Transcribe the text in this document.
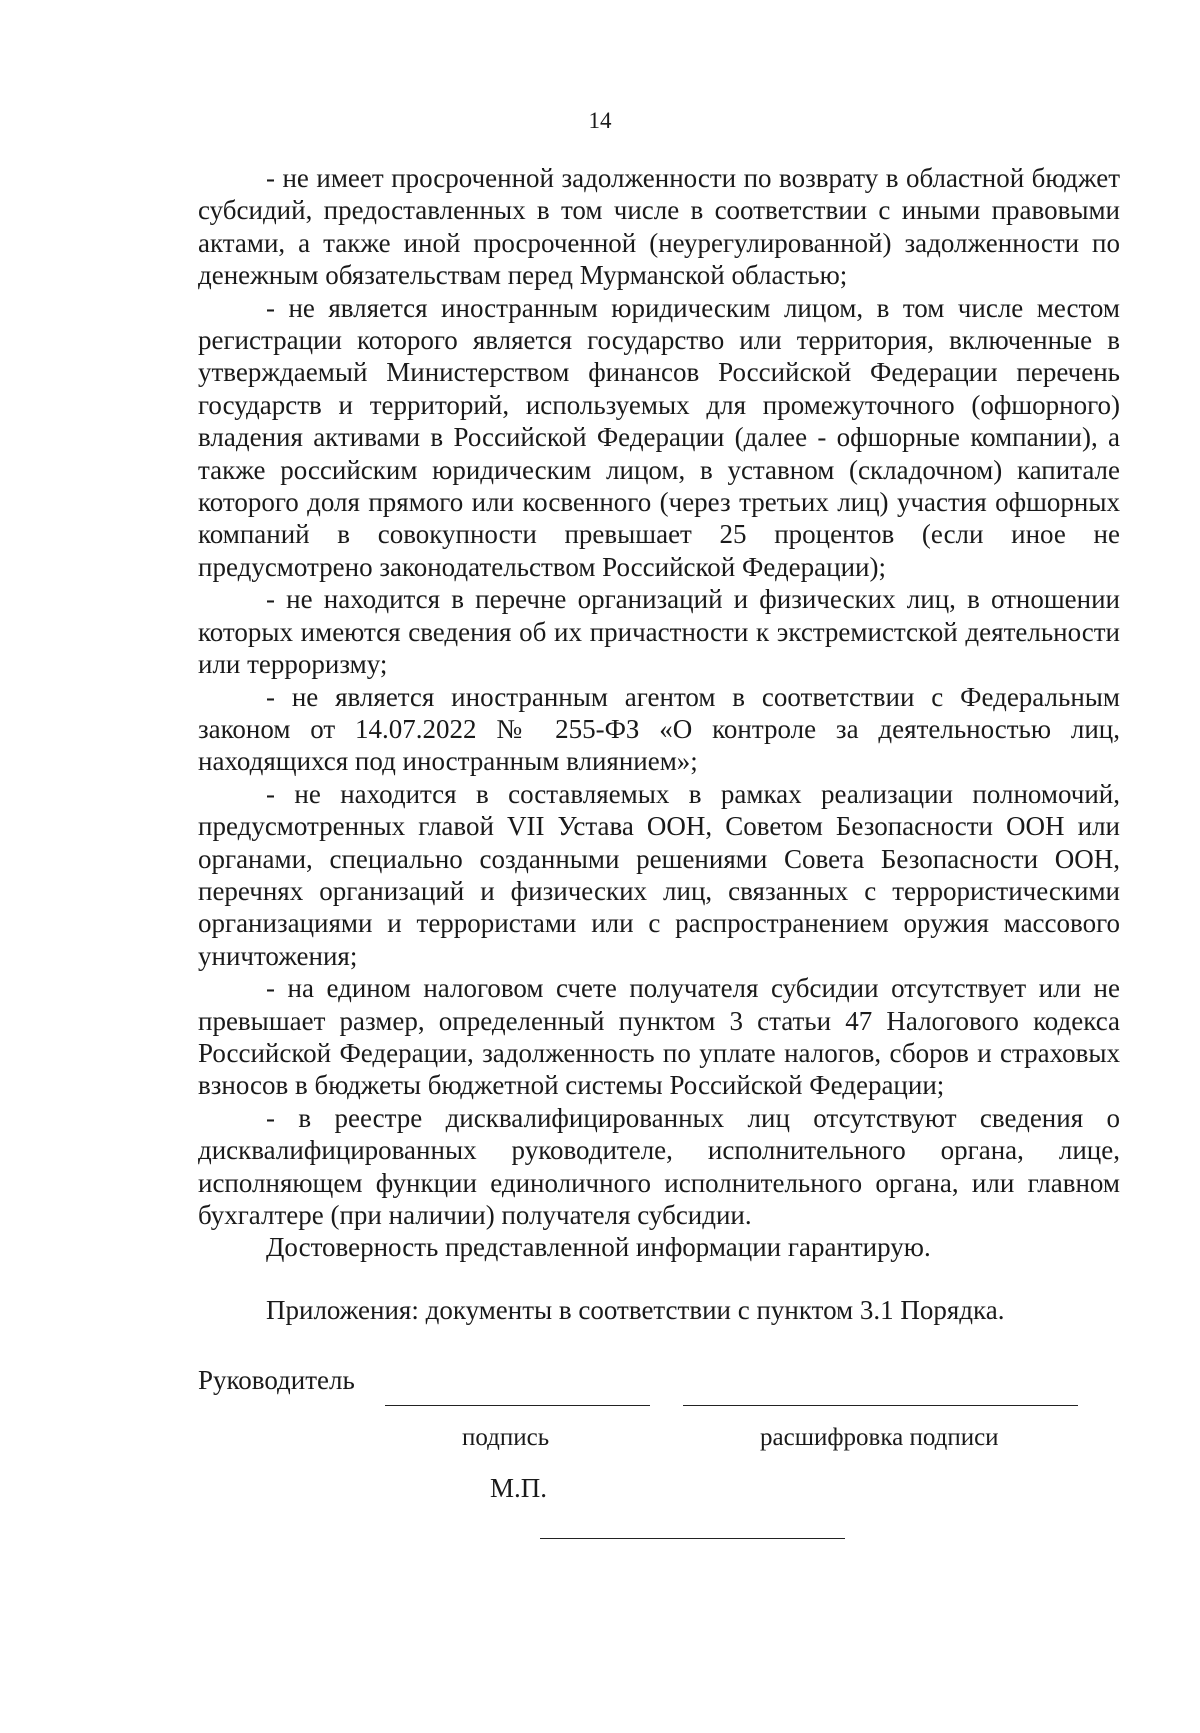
14

- не имеет просроченной задолженности по возврату в областной бюджет субсидий, предоставленных в том числе в соответствии с иными правовыми актами, а также иной просроченной (неурегулированной) задолженности по денежным обязательствам перед Мурманской областью;

- не является иностранным юридическим лицом, в том числе местом регистрации которого является государство или территория, включенные в утверждаемый Министерством финансов Российской Федерации перечень государств и территорий, используемых для промежуточного (офшорного) владения активами в Российской Федерации (далее - офшорные компании), а также российским юридическим лицом, в уставном (складочном) капитале которого доля прямого или косвенного (через третьих лиц) участия офшорных компаний в совокупности превышает 25 процентов (если иное не предусмотрено законодательством Российской Федерации);

- не находится в перечне организаций и физических лиц, в отношении которых имеются сведения об их причастности к экстремистской деятельности или терроризму;

- не является иностранным агентом в соответствии с Федеральным законом от 14.07.2022 № 255-ФЗ «О контроле за деятельностью лиц, находящихся под иностранным влиянием»;

- не находится в составляемых в рамках реализации полномочий, предусмотренных главой VII Устава ООН, Советом Безопасности ООН или органами, специально созданными решениями Совета Безопасности ООН, перечнях организаций и физических лиц, связанных с террористическими организациями и террористами или с распространением оружия массового уничтожения;

- на едином налоговом счете получателя субсидии отсутствует или не превышает размер, определенный пунктом 3 статьи 47 Налогового кодекса Российской Федерации, задолженность по уплате налогов, сборов и страховых взносов в бюджеты бюджетной системы Российской Федерации;

- в реестре дисквалифицированных лиц отсутствуют сведения о дисквалифицированных руководителе, исполнительного органа, лице, исполняющем функции единоличного исполнительного органа, или главном бухгалтере (при наличии) получателя субсидии.

Достоверность представленной информации гарантирую.

Приложения: документы в соответствии с пунктом 3.1 Порядка.

Руководитель
подпись	расшифровка подписи
М.П.
